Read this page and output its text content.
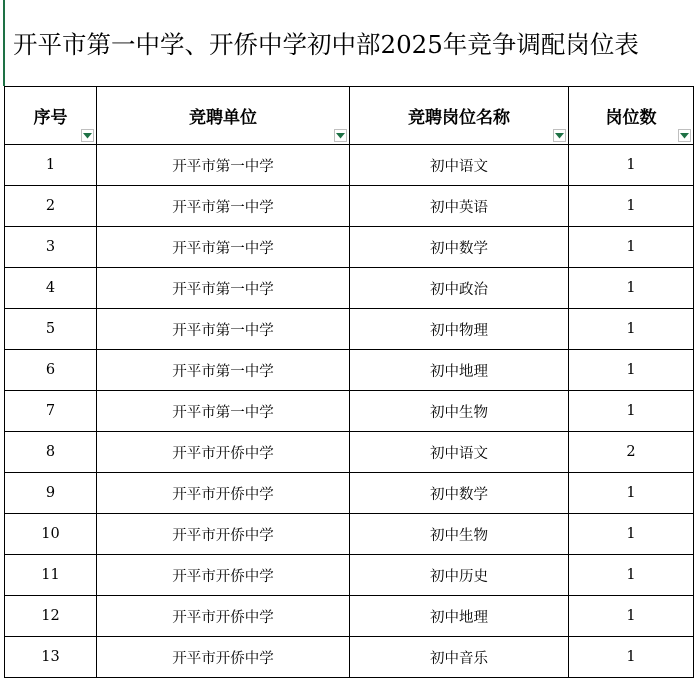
开平市第一中学、开侨中学初中部2025年竞争调配岗位表
序号	竞聘单位	竞聘岗位名称	岗位数

1	开平市第一中学	初中语文	1
2	开平市第一中学	初中英语	1
3	开平市第一中学	初中数学	1
4	开平市第一中学	初中政治	1
5	开平市第一中学	初中物理	1
6	开平市第一中学	初中地理	1
7	开平市第一中学	初中生物	1
8	开平市开侨中学	初中语文	2
9	开平市开侨中学	初中数学	1
10	开平市开侨中学	初中生物	1
11	开平市开侨中学	初中历史	1
12	开平市开侨中学	初中地理	1
13	开平市开侨中学	初中音乐	1
